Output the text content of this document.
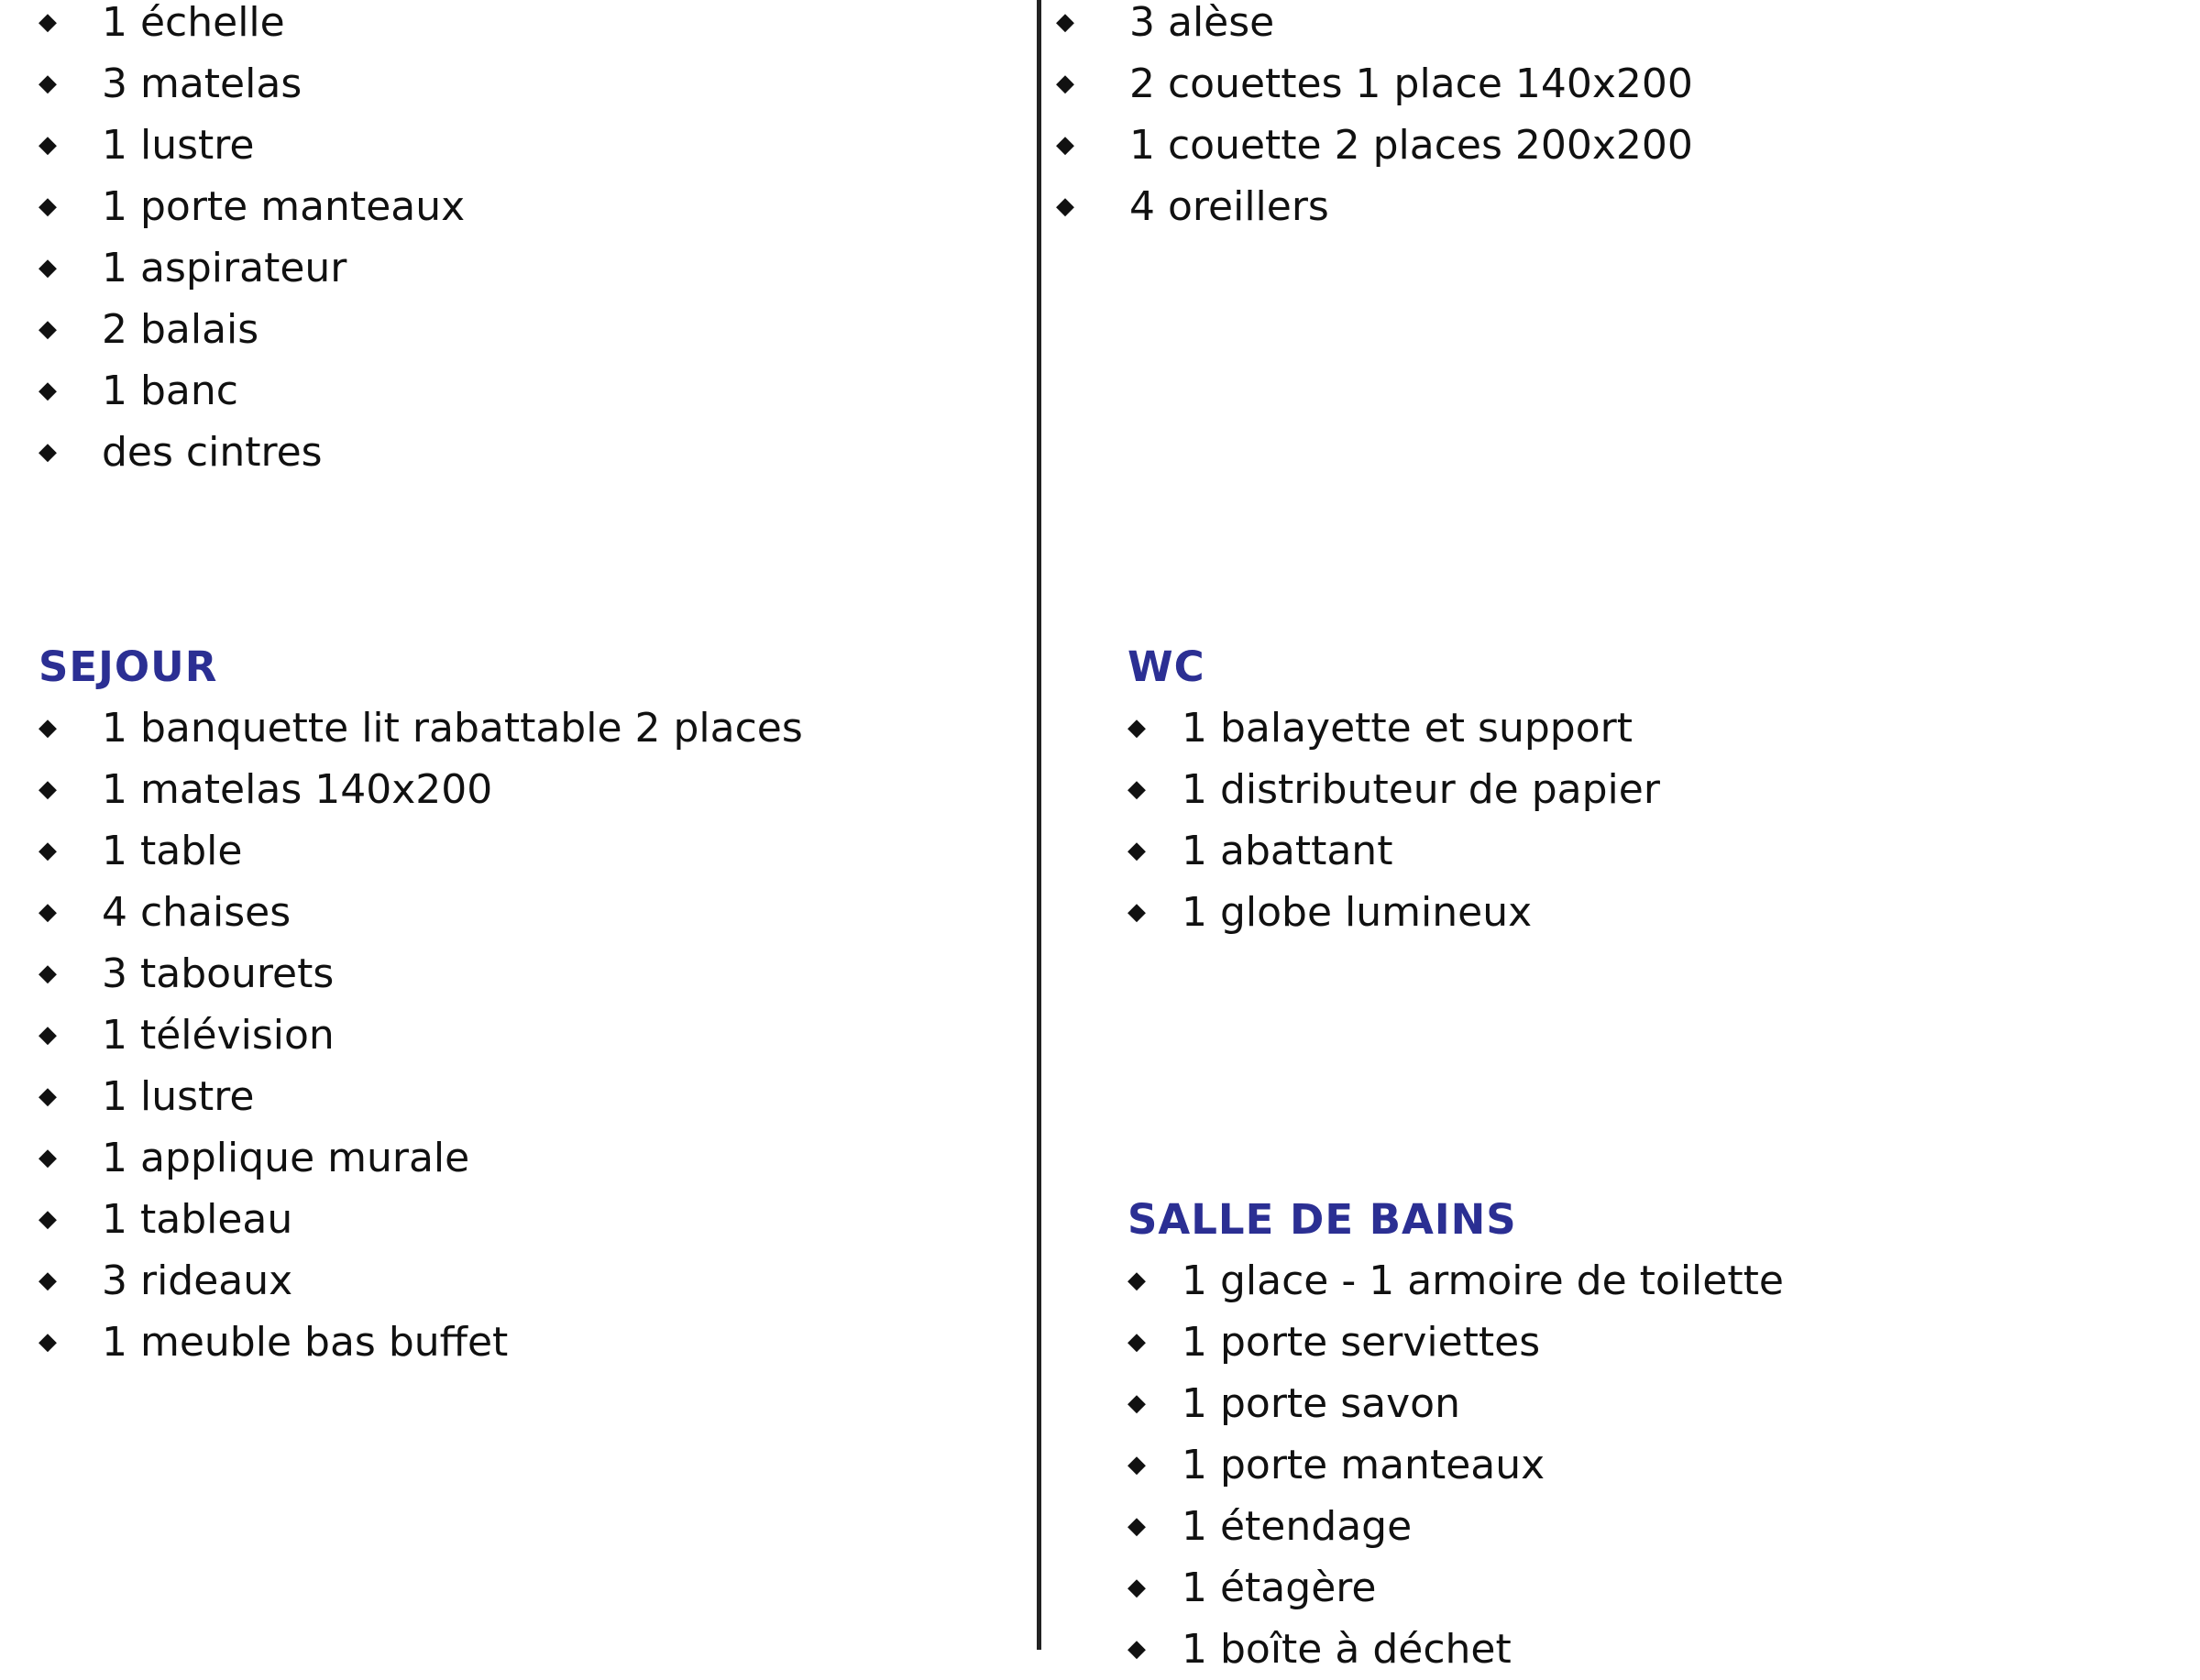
◆	1 échelle
◆	3 matelas
◆	1 lustre
◆	1 porte manteaux
◆	1 aspirateur
◆	2 balais
◆	1 banc
◆	des cintres
◆	3 alèse
◆	2 couettes 1 place 140x200
◆	1 couette 2 places 200x200
◆	4 oreillers
SEJOUR
◆	1 banquette lit rabattable 2 places
◆	1 matelas 140x200
◆	1 table
◆	4 chaises
◆	3 tabourets
◆	1 télévision
◆	1 lustre
◆	1 applique murale
◆	1 tableau
◆	3 rideaux
◆	1 meuble bas buffet
WC
◆ 1 balayette et support
◆ 1 distributeur de papier
◆ 1 abattant
◆ 1 globe lumineux
SALLE DE BAINS
◆ 1 glace - 1 armoire de toilette
◆ 1 porte serviettes
◆ 1 porte savon
◆ 1 porte manteaux
◆ 1 étendage
◆ 1 étagère
◆ 1 boîte à déchet
